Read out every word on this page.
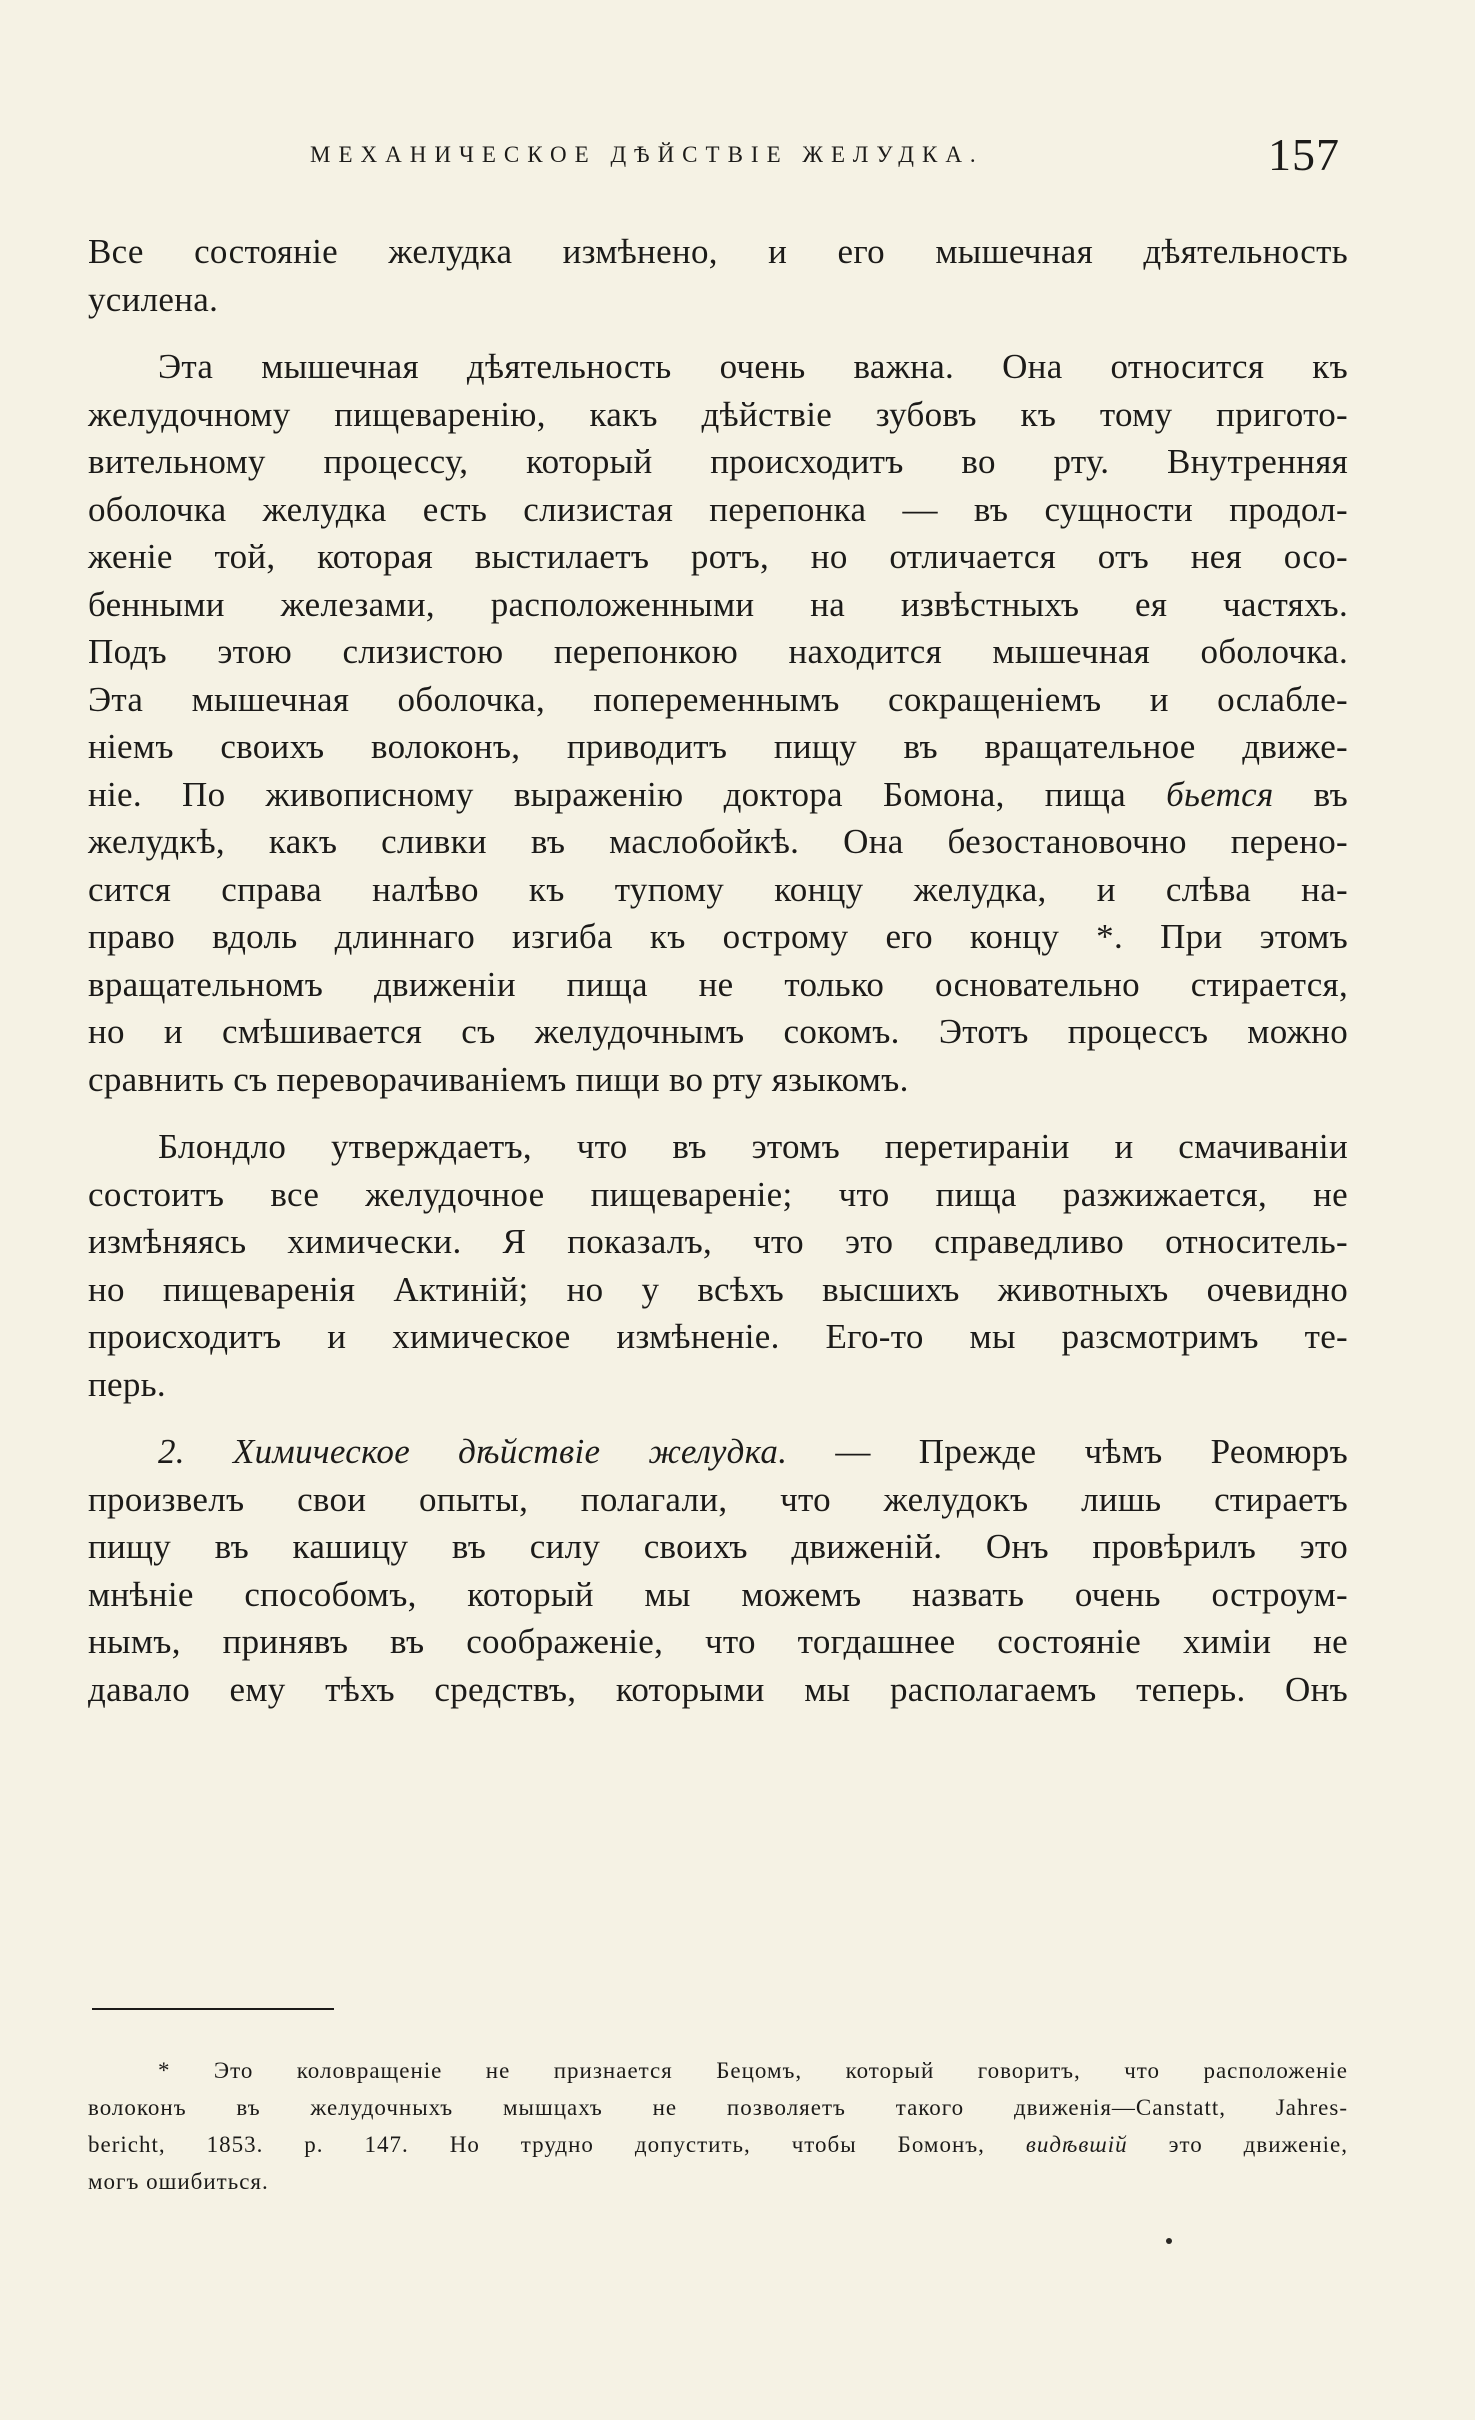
МЕХАНИЧЕСКОЕ ДѢЙСТВІЕ ЖЕЛУДКА.	157
Все состояніе желудка измѣнено, и его мышечная дѣятельность
усилена.
Эта мышечная дѣятельность очень важна. Она относится къ
желудочному пищеваренію, какъ дѣйствіе зубовъ къ тому пригото-
вительному процессу, который происходитъ во рту. Внутренняя
оболочка желудка есть слизистая перепонка — въ сущности продол-
женіе той, которая выстилаетъ ротъ, но отличается отъ нея осо-
бенными железами, расположенными на извѣстныхъ ея частяхъ.
Подъ этою слизистою перепонкою находится мышечная оболочка.
Эта мышечная оболочка, попеременнымъ сокращеніемъ и ослабле-
ніемъ своихъ волоконъ, приводитъ пищу въ вращательное движе-
ніе. По живописному выраженію доктора Бомона, пища бьется въ
желудкѣ, какъ сливки въ маслобойкѣ. Она безостановочно перено-
сится справа налѣво къ тупому концу желудка, и слѣва на-
право вдоль длиннаго изгиба къ острому его концу *. При этомъ
вращательномъ движеніи пища не только основательно стирается,
но и смѣшивается съ желудочнымъ сокомъ. Этотъ процессъ можно
сравнить съ переворачиваніемъ пищи во рту языкомъ.
Блондло утверждаетъ, что въ этомъ перетираніи и смачиваніи
состоитъ все желудочное пищевареніе; что пища разжижается, не
измѣняясь химически. Я показалъ, что это справедливо относитель-
но пищеваренія Актиній; но у всѣхъ высшихъ животныхъ очевидно
происходитъ и химическое измѣненіе. Его-то мы разсмотримъ те-
перь.
2. Химическое дѣйствіе желудка. — Прежде чѣмъ Реомюръ
произвелъ свои опыты, полагали, что желудокъ лишь стираетъ
пищу въ кашицу въ силу своихъ движеній. Онъ провѣрилъ это
мнѣніе способомъ, который мы можемъ назвать очень остроум-
нымъ, принявъ въ соображеніе, что тогдашнее состояніе химіи не
давало ему тѣхъ средствъ, которыми мы располагаемъ теперь. Онъ
* Это коловращеніе не признается Бецомъ, который говоритъ, что расположеніе
волоконъ въ желудочныхъ мышцахъ не позволяетъ такого движенія—Canstatt, Jahres-
bericht, 1853. p. 147. Но трудно допустить, чтобы Бомонъ, видѣвшій это движеніе,
могъ ошибиться.
